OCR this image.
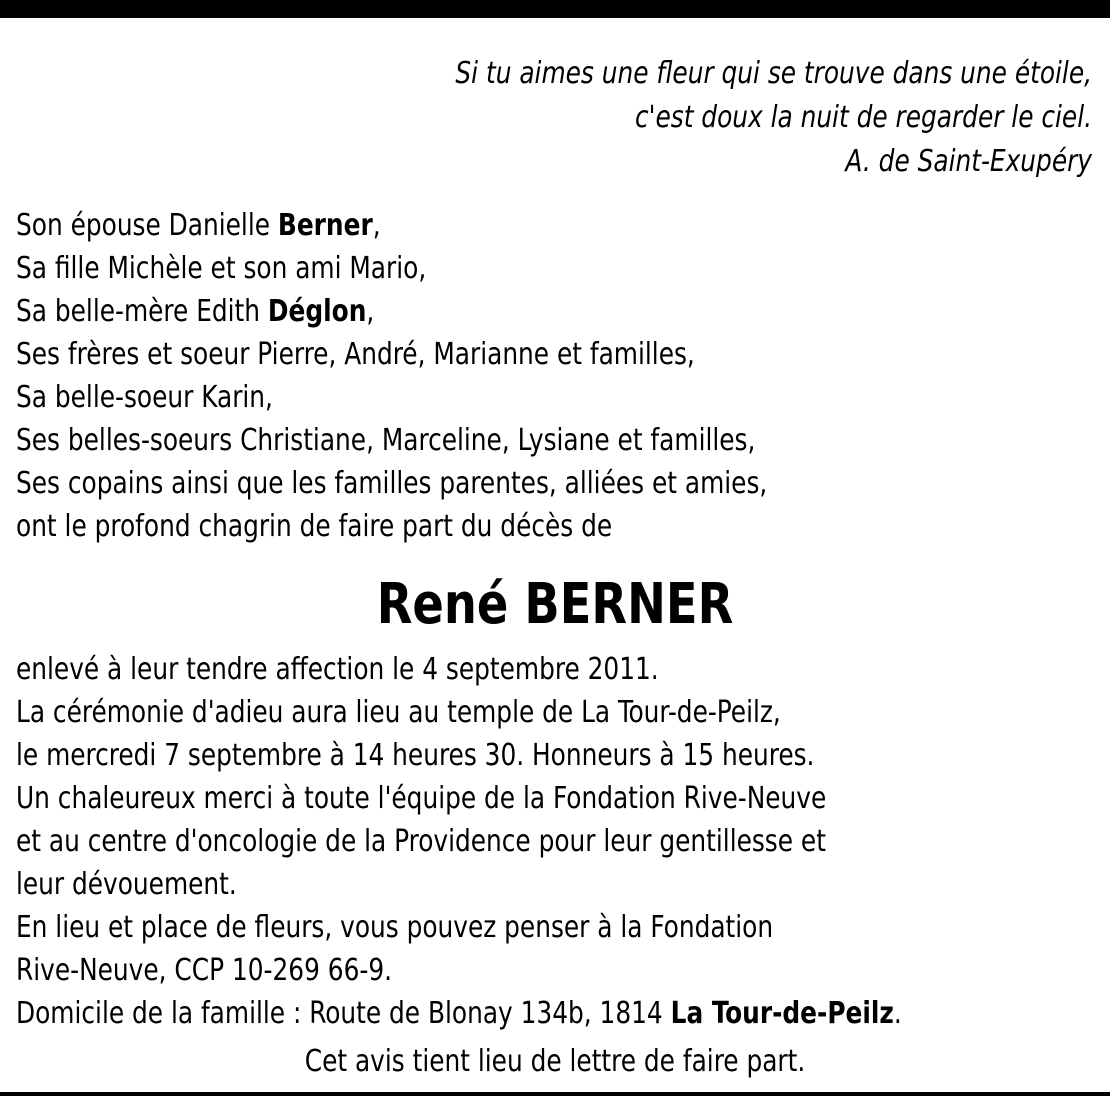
Si tu aimes une fleur qui se trouve dans une étoile,
c'est doux la nuit de regarder le ciel.
A. de Saint-Exupéry
Son épouse Danielle Berner,
Sa fille Michèle et son ami Mario,
Sa belle-mère Edith Déglon,
Ses frères et soeur Pierre, André, Marianne et familles,
Sa belle-soeur Karin,
Ses belles-soeurs Christiane, Marceline, Lysiane et familles,
Ses copains ainsi que les familles parentes, alliées et amies,
ont le profond chagrin de faire part du décès de
René BERNER
enlevé à leur tendre affection le 4 septembre 2011.
La cérémonie d'adieu aura lieu au temple de La Tour-de-Peilz,
le mercredi 7 septembre à 14 heures 30. Honneurs à 15 heures.
Un chaleureux merci à toute l'équipe de la Fondation Rive-Neuve
et au centre d'oncologie de la Providence pour leur gentillesse et
leur dévouement.
En lieu et place de fleurs, vous pouvez penser à la Fondation
Rive-Neuve, CCP 10-269 66-9.
Domicile de la famille : Route de Blonay 134b, 1814 La Tour-de-Peilz.
Cet avis tient lieu de lettre de faire part.
